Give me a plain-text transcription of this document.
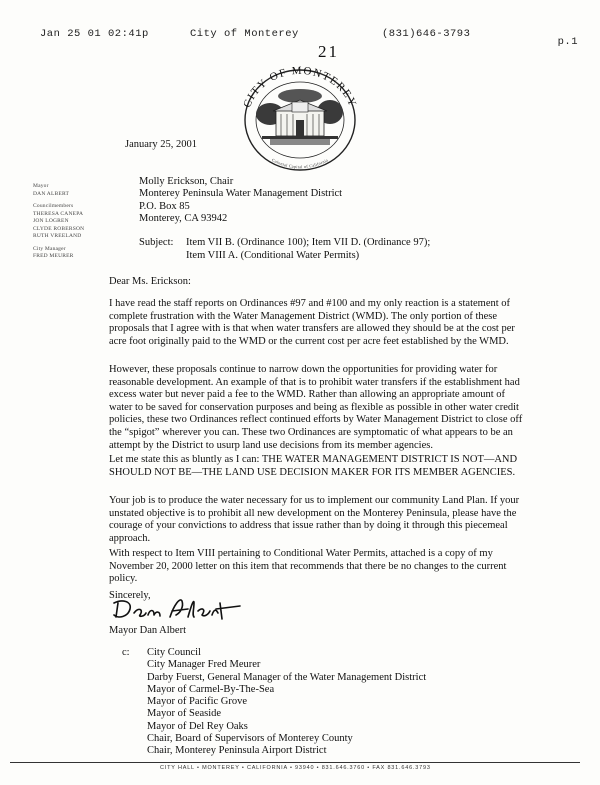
Jan 25 01 02:41p	City of Monterey	(831)646-3793
p.1
21
CITY OF MONTEREY
Colonial Capital of California
January 25, 2001
Mayor
DAN ALBERT
Councilmembers
THERESA CANEPA
JON LOGREN
CLYDE ROBERSON
RUTH VREELAND
City Manager
FRED MEURER
Molly Erickson, Chair
Monterey Peninsula Water Management District
P.O. Box 85
Monterey, CA 93942
Subject:	Item VII B. (Ordinance 100); Item VII D. (Ordinance 97);
Item VIII A. (Conditional Water Permits)
Dear Ms. Erickson:
I have read the staff reports on Ordinances #97 and #100 and my only reaction is a statement of complete frustration with the Water Management District (WMD). The only portion of these proposals that I agree with is that when water transfers are allowed they should be at the cost per acre foot originally paid to the WMD or the current cost per acre feet established by the WMD.
However, these proposals continue to narrow down the opportunities for providing water for reasonable development. An example of that is to prohibit water transfers if the establishment had excess water but never paid a fee to the WMD. Rather than allowing an appropriate amount of water to be saved for conservation purposes and being as flexible as possible in other water credit policies, these two Ordinances reflect continued efforts by Water Management District to close off the “spigot” wherever you can. These two Ordinances are symptomatic of what appears to be an attempt by the District to usurp land use decisions from its member agencies.
Let me state this as bluntly as I can: THE WATER MANAGEMENT DISTRICT IS NOT—AND SHOULD NOT BE—THE LAND USE DECISION MAKER FOR ITS MEMBER AGENCIES.
Your job is to produce the water necessary for us to implement our community Land Plan. If your unstated objective is to prohibit all new development on the Monterey Peninsula, please have the courage of your convictions to address that issue rather than by doing it through this piecemeal approach.
With respect to Item VIII pertaining to Conditional Water Permits, attached is a copy of my November 20, 2000 letter on this item that recommends that there be no changes to the current policy.
Sincerely,
Mayor Dan Albert
c: City Council
City Manager Fred Meurer
Darby Fuerst, General Manager of the Water Management District
Mayor of Carmel-By-The-Sea
Mayor of Pacific Grove
Mayor of Seaside
Mayor of Del Rey Oaks
Chair, Board of Supervisors of Monterey County
Chair, Monterey Peninsula Airport District
CITY HALL • MONTEREY • CALIFORNIA • 93940 • 831.646.3760 • FAX 831.646.3793
